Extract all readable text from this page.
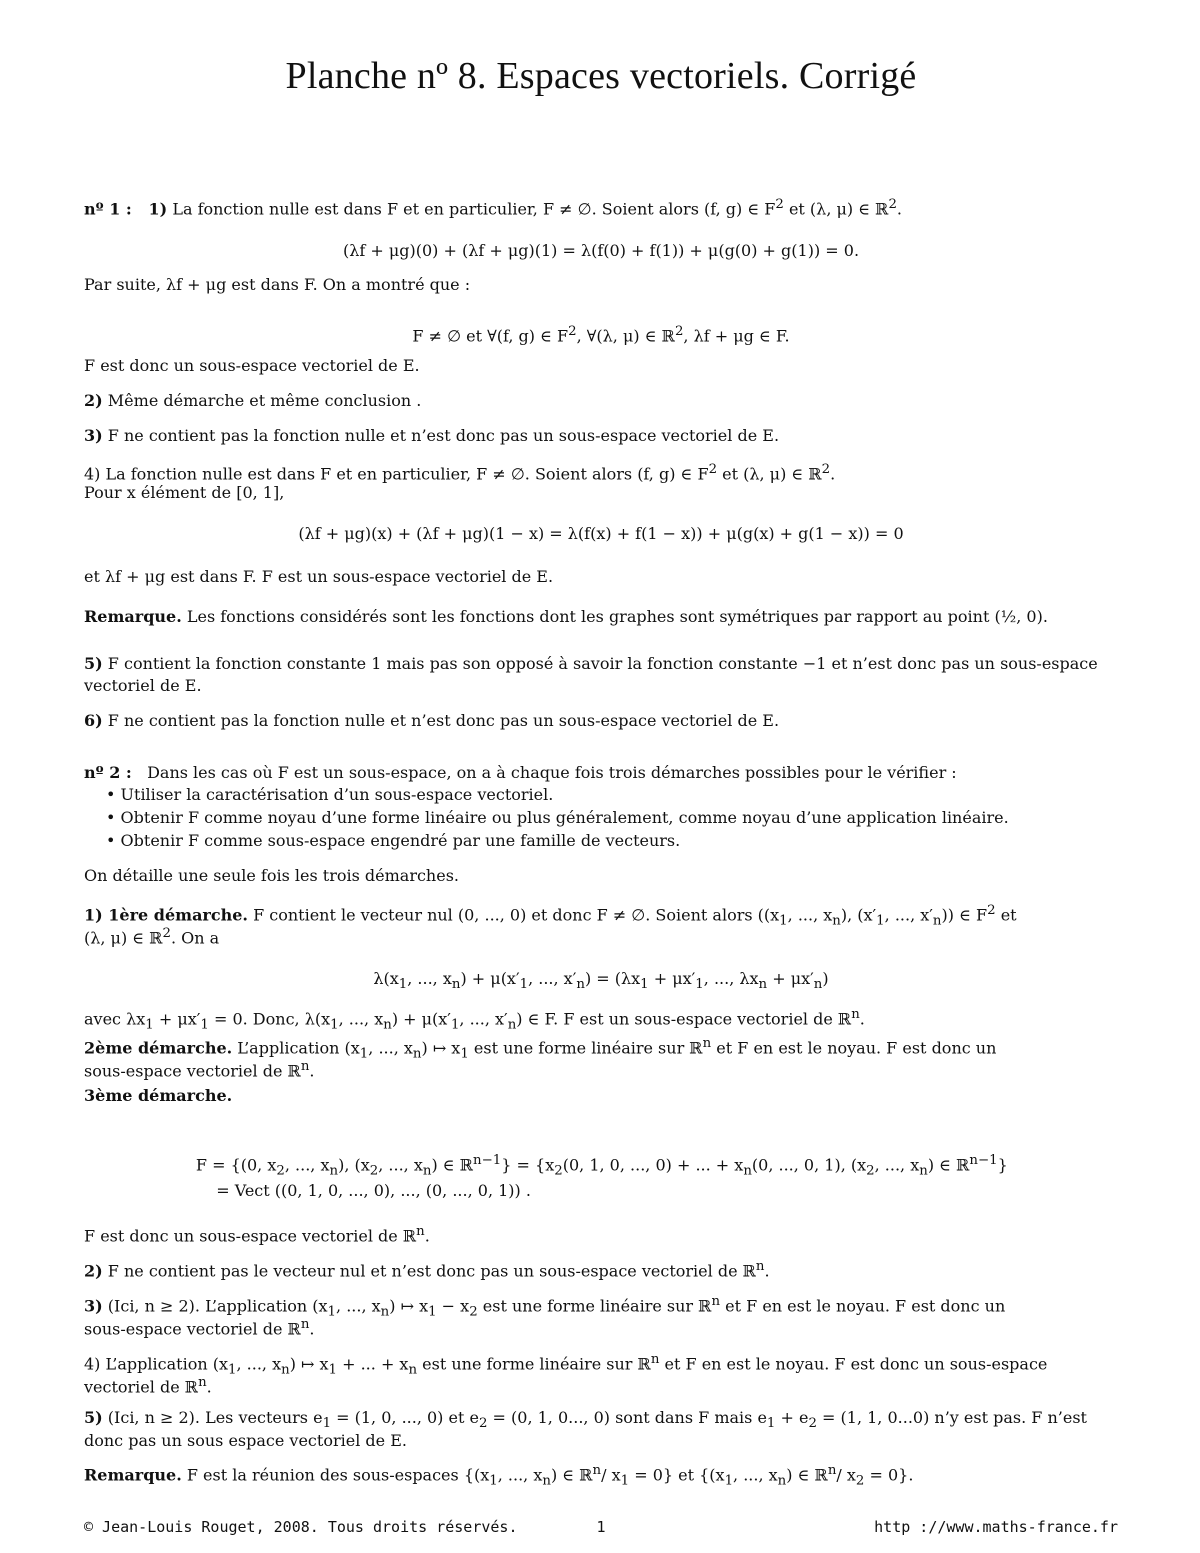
Planche nº 8. Espaces vectoriels. Corrigé
nº 1 :   1) La fonction nulle est dans F et en particulier, F ≠ ∅. Soient alors (f, g) ∈ $F^2$ et (λ, μ) ∈ ℝ$^2$.
(λf + μg)(0) + (λf + μg)(1) = λ(f(0) + f(1)) + μ(g(0) + g(1)) = 0.
Par suite, λf + μg est dans F. On a montré que :
F ≠ ∅ et ∀(f, g) ∈ $F^2$, ∀(λ, μ) ∈ ℝ$^2$, λf + μg ∈ F.
F est donc un sous-espace vectoriel de E.
2) Même démarche et même conclusion .
3) F ne contient pas la fonction nulle et n’est donc pas un sous-espace vectoriel de E.
4) La fonction nulle est dans F et en particulier, F ≠ ∅. Soient alors (f, g) ∈ $F^2$ et (λ, μ) ∈ ℝ$^2$.
Pour x élément de [0, 1],
(λf + μg)(x) + (λf + μg)(1 − x) = λ(f(x) + f(1 − x)) + μ(g(x) + g(1 − x)) = 0
et λf + μg est dans F. F est un sous-espace vectoriel de E.
Remarque. Les fonctions considérés sont les fonctions dont les graphes sont symétriques par rapport au point (½, 0).
5) F contient la fonction constante 1 mais pas son opposé à savoir la fonction constante −1 et n’est donc pas un sous-espace
vectoriel de E.
6) F ne contient pas la fonction nulle et n’est donc pas un sous-espace vectoriel de E.
nº 2 :   Dans les cas où F est un sous-espace, on a à chaque fois trois démarches possibles pour le vérifier :
• Utiliser la caractérisation d’un sous-espace vectoriel.
• Obtenir F comme noyau d’une forme linéaire ou plus généralement, comme noyau d’une application linéaire.
• Obtenir F comme sous-espace engendré par une famille de vecteurs.
On détaille une seule fois les trois démarches.
1) 1ère démarche. F contient le vecteur nul (0, ..., 0) et donc F ≠ ∅. Soient alors (($x_1$, ..., $x_n$), ($x'_1$, ..., $x'_n$)) ∈ $F^2$ et
(λ, μ) ∈ ℝ$^2$. On a
$\lambda(x_1$, ..., $x_n) + \mu(x'_1$, ..., $x'_n) = (\lambda x_1 + \mu x'_1$, ..., $\lambda x_n + \mu x'_n$)
avec $\lambda x_1 + \mu x'_1 = 0$. Donc, $\lambda(x_1$, ..., $x_n) + \mu(x'_1$, ..., $x'_n$) ∈ F. F est un sous-espace vectoriel de ℝ$^n$.
2ème démarche. L’application ($x_1$, ..., $x_n$) ↦ $x_1$ est une forme linéaire sur ℝ$^n$ et F en est le noyau. F est donc un
sous-espace vectoriel de ℝ$^n$.
3ème démarche.
F = {(0, $x_2$, ..., $x_n$), ($x_2$, ..., $x_n$) ∈ ℝ$^{n-1}$} = {$x_2(0$, 1, 0, ..., 0) + ... + $x_n(0$, ..., 0, 1), ($x_2$, ..., $x_n$) ∈ ℝ$^{n-1}$}
= Vect ((0, 1, 0, ..., 0), ..., (0, ..., 0, 1)) .
F est donc un sous-espace vectoriel de ℝ$^n$.
2) F ne contient pas le vecteur nul et n’est donc pas un sous-espace vectoriel de ℝ$^n$.
3) (Ici, n ≥ 2). L’application ($x_1$, ..., $x_n$) ↦ $x_1 - x_2$ est une forme linéaire sur ℝ$^n$ et F en est le noyau. F est donc un
sous-espace vectoriel de ℝ$^n$.
4) L’application ($x_1$, ..., $x_n$) ↦ $x_1$ + ... + $x_n$ est une forme linéaire sur ℝ$^n$ et F en est le noyau. F est donc un sous-espace
vectoriel de ℝ$^n$.
5) (Ici, n ≥ 2). Les vecteurs $e_1 = (1$, 0, ..., 0) et $e_2 = (0$, 1, 0..., 0) sont dans F mais $e_1 + e_2 = (1$, 1, 0...0) n’y est pas. F n’est
donc pas un sous espace vectoriel de E.
Remarque. F est la réunion des sous-espaces {($x_1$, ..., $x_n$) ∈ ℝ$^n$/ $x_1 = 0$} et {($x_1$, ..., $x_n$) ∈ ℝ$^n$/ $x_2 = 0$}.
© Jean-Louis Rouget, 2008. Tous droits réservés.	1	http ://www.maths-france.fr
